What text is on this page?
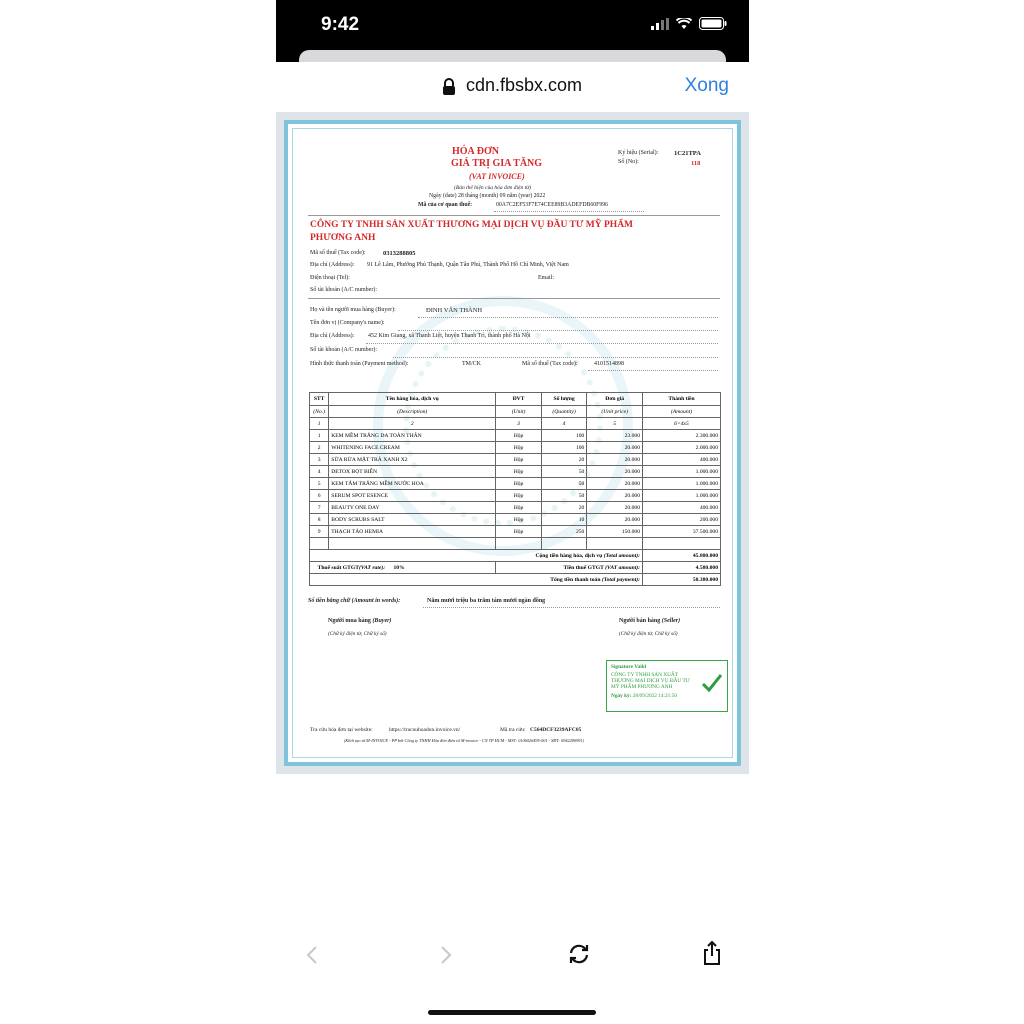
9:42
cdn.fbsbx.com	Xong
HÓA ĐƠN
GIÁ TRỊ GIA TĂNG
(VAT INVOICE)
(Bản thể hiện của hóa đơn điện tử)
Ngày (date) 28 tháng (month) 09 năm (year) 2022
Mã của cơ quan thuế:	00A7C2EF53F7E74CEE89B3ADEFDB60F996
Ký hiệu (Serial): 1C21TPA
Số (No):	118
CÔNG TY TNHH SẢN XUẤT THƯƠNG MẠI DỊCH VỤ ĐẦU TƯ MỸ PHẨM
PHƯƠNG ANH
Mã số thuế (Tax code):	0313288805
Địa chỉ (Address): 91 Lê Lâm, Phường Phú Thạnh, Quận Tân Phú, Thành Phố Hồ Chí Minh, Việt Nam
Điện thoại (Tel):	Email:
Số tài khoản (A/C number):
Họ và tên người mua hàng (Buyer):	ĐINH VĂN THÀNH
Tên đơn vị (Company's name):
Địa chỉ (Address): 452 Kim Giang, xã Thanh Liệt, huyện Thanh Trì, thành phố Hà Nội
Số tài khoản (A/C number):
Hình thức thanh toán (Payment method):	TM/CK	Mã số thuế (Tax code):	4101514898
STT	Tên hàng hóa, dịch vụ	ĐVT	Số lượng	Đơn giá	Thành tiền
(No.)	(Description)	(Unit)	(Quantity)	(Unit price)	(Amount)
1	2	3	4	5	6=4x5
1	KEM MỀM TRẮNG DA TOÀN THÂN	Hộp	100	23.000	2.300.000
2	WHITENING FACE CREAM	Hộp	100	20.000	2.000.000
3	SỮA RỬA MẶT TRÀ XANH X2	Hộp	20	20.000	400.000
4	DETOX BỌT BIỂN	Hộp	50	20.000	1.000.000
5	KEM TẮM TRẮNG MỀM NƯỚC HOA	Hộp	50	20.000	1.000.000
6	SERUM SPOT ESENCE	Hộp	50	20.000	1.000.000
7	BEAUTY ONE DAY	Hộp	20	20.000	400.000
8	BODY SCRUBS SALT	Hộp	10	20.000	200.000
9	THẠCH TẢO HEMIA	Hộp	250	150.000	37.500.000

Cộng tiền hàng hóa, dịch vụ (Total amount):					45.800.000
Thuế suất GTGT(VAT rate): 10%		Tiền thuế GTGT (VAT amount):			4.580.000
Tổng tiền thanh toán (Total payment):					50.380.000
Số tiền bằng chữ (Amount in words):	Năm mươi triệu ba trăm tám mươi ngàn đồng
Người mua hàng (Buyer)
(Chữ ký điện tử, Chữ ký số)
Người bán hàng (Seller)
(Chữ ký điện tử, Chữ ký số)
Signature Vaild
CÔNG TY TNHH SẢN XUẤT
THƯƠNG MẠI DỊCH VỤ ĐẦU TƯ
MỸ PHẨM PHƯƠNG ANH
Ngày ký: 28/09/2022 14:21:50
Tra cứu hóa đơn tại website:	https://tracuuhoadon.invoice.vn/	Mã tra cứu: C564DCF3239AFC05
(Khởi tạo từ M-INVOICE - PP bởi Công ty TNHH Hóa đơn điện tử M-invoice - CN TP HCM - MST: 0106026495-001 - SĐT: 0942280991)
